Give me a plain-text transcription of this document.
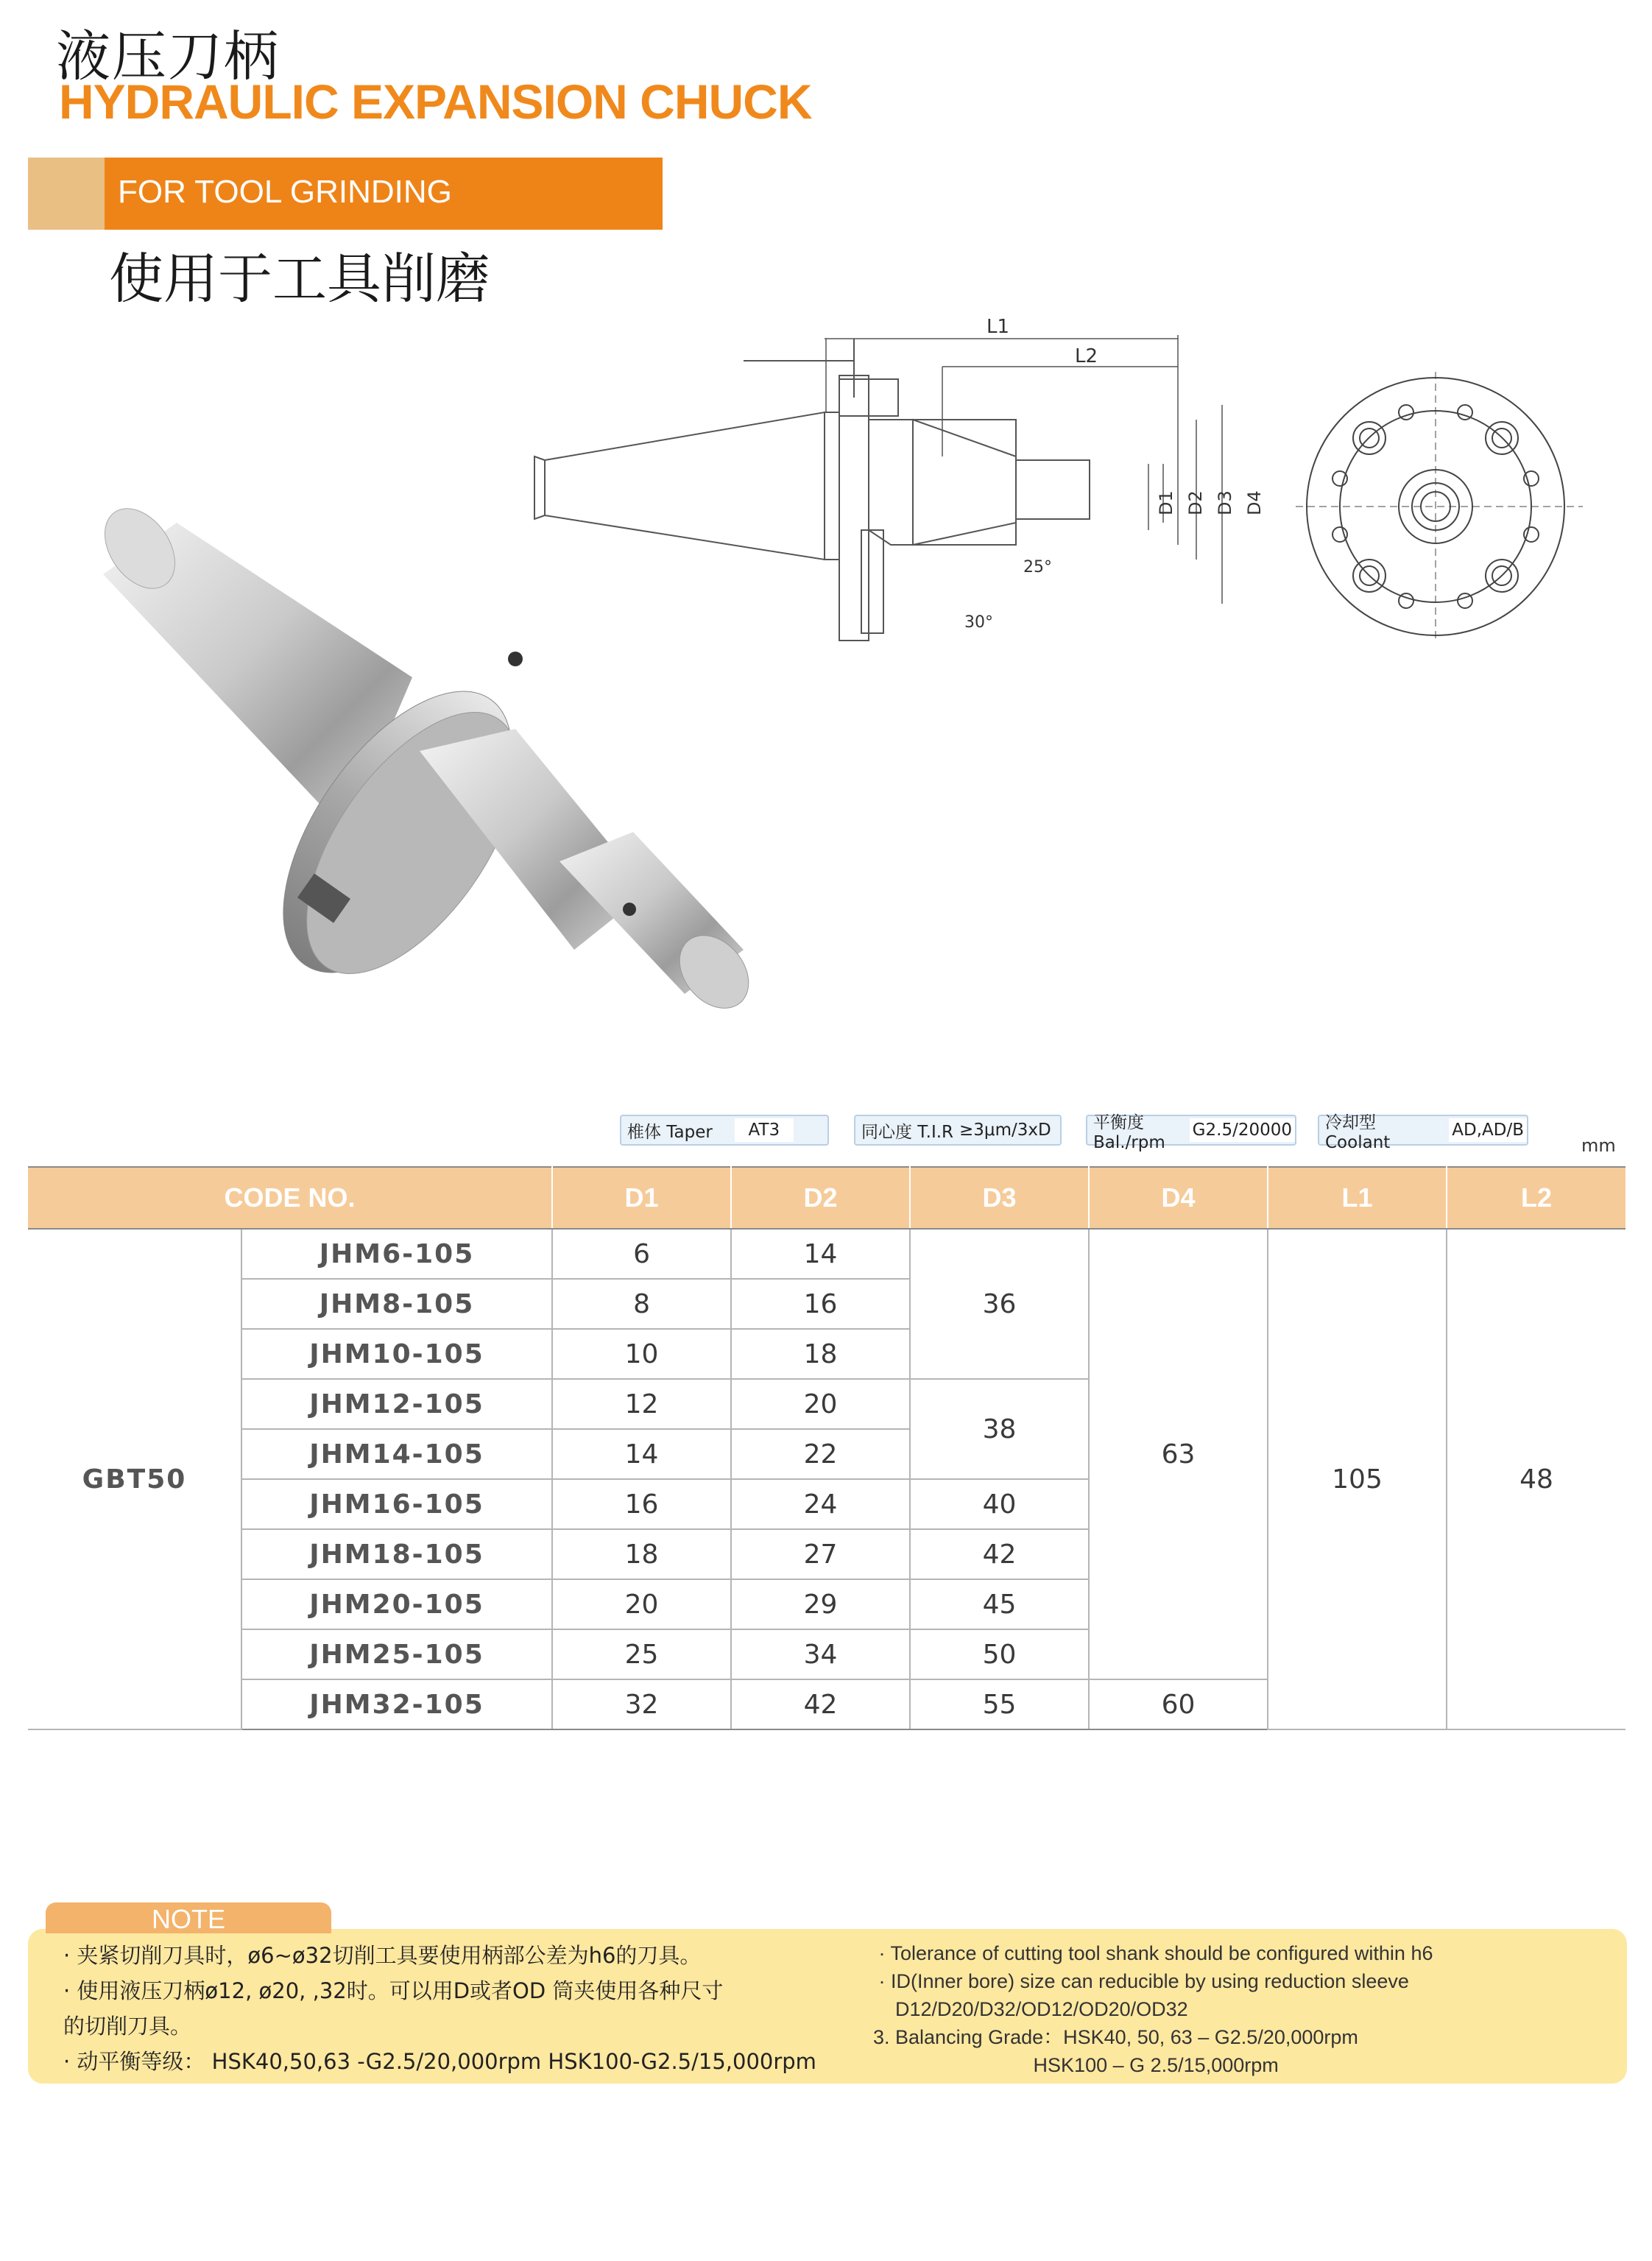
液压刀柄
HYDRAULIC EXPANSION CHUCK
FOR TOOL GRINDING
使用于工具削磨
L1
L2
D1 D2 D3 D4
25°
30°
椎体 Taper	AT3	同心度 T.I.R ≥3μm/3xD	平衡度 Bal./rpm
G2.5/20000	冷却型 Coolant
AD,AD/B
mm
CODE NO.		D1	D2	D3	D4	L1	L2
GBT50	JHM6-105	6	14	36	63	105	48
	JHM8-105	8	16				
	JHM10-105	10	18				
	JHM12-105	12	20	38			
	JHM14-105	14	22				
	JHM16-105	16	24	40			
	JHM18-105	18	27	42			
	JHM20-105	20	29	45			
	JHM25-105	25	34	50			
	JHM32-105	32	42	55	60		
NOTE
· 夹紧切削刀具时，ø6~ø32切削工具要使用柄部公差为h6的刀具。
· 使用液压刀柄ø12, ø20, ,32时。可以用D或者OD 筒夹使用各种尺寸
的切削刀具。
· 动平衡等级： HSK40,50,63 -G2.5/20,000rpm HSK100-G2.5/15,000rpm
· Tolerance of cutting tool shank should be configured within h6
· ID(Inner bore) size can reducible by using reduction sleeve
D12/D20/D32/OD12/OD20/OD32
3. Balancing Grade：HSK40, 50, 63 – G2.5/20,000rpm
HSK100 – G 2.5/15,000rpm
